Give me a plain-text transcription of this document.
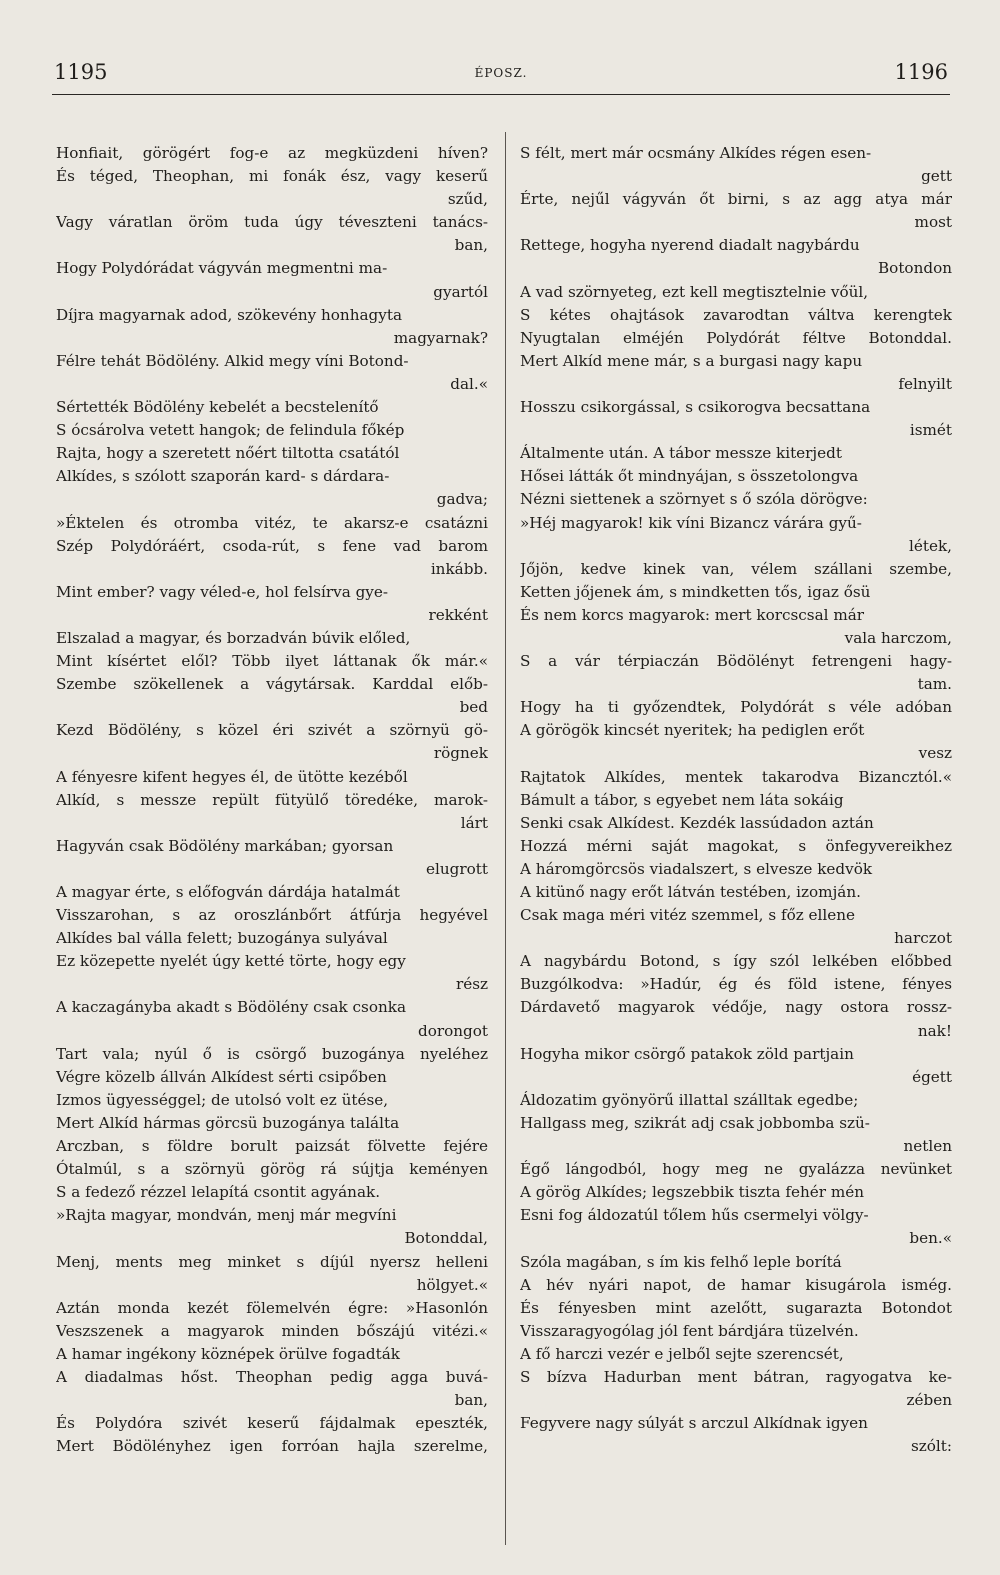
1195	ÉPOSZ.	1196
Honfiait, görögért fog-e az megküzdeni híven?
És téged, Theophan, mi fonák ész, vagy keserű
szűd,
Vagy váratlan öröm tuda úgy téveszteni tanács-
ban,
Hogy Polydórádat vágyván megmentni ma-
gyartól
Díjra magyarnak adod, szökevény honhagyta
magyarnak?
Félre tehát Bödölény. Alkid megy víni Botond-
dal.«
Sértették Bödölény kebelét a becstelenítő
S ócsárolva vetett hangok; de felindula főkép
Rajta, hogy a szeretett nőért tiltotta csatától
Alkídes, s szólott szaporán kard- s dárdara-
gadva;
»Éktelen és otromba vitéz, te akarsz-e csatázni
Szép Polydóráért, csoda-rút, s fene vad barom
inkább.
Mint ember? vagy véled-e, hol felsírva gye-
rekként
Elszalad a magyar, és borzadván búvik előled,
Mint kísértet elől? Több ilyet láttanak ők már.«
Szembe szökellenek a vágytársak. Karddal előb-
bed
Kezd Bödölény, s közel éri szivét a szörnyü gö-
rögnek
A fényesre kifent hegyes él, de ütötte kezéből
Alkíd, s messze repült fütyülő töredéke, marok-
lárt
Hagyván csak Bödölény markában; gyorsan
elugrott
A magyar érte, s előfogván dárdája hatalmát
Visszarohan, s az oroszlánbőrt átfúrja hegyével
Alkídes bal válla felett; buzogánya sulyával
Ez közepette nyelét úgy ketté törte, hogy egy
rész
A kaczagányba akadt s Bödölény csak csonka
dorongot
Tart vala; nyúl ő is csörgő buzogánya nyeléhez
Végre közelb állván Alkídest sérti csipőben
Izmos ügyességgel; de utolsó volt ez ütése,
Mert Alkíd hármas görcsü buzogánya találta
Arczban, s földre borult paizsát fölvette fejére
Ótalmúl, s a szörnyü görög rá sújtja keményen
S a fedező rézzel lelapítá csontit agyának.
»Rajta magyar, mondván, menj már megvíni
Botonddal,
Menj, ments meg minket s díjúl nyersz helleni
hölgyet.«
Aztán monda kezét fölemelvén égre: »Hasonlón
Veszszenek a magyarok minden bőszájú vitézi.«
A hamar ingékony köznépek örülve fogadták
A diadalmas hőst. Theophan pedig agga buvá-
ban,
És Polydóra szivét keserű fájdalmak epeszték,
Mert Bödölényhez igen forróan hajla szerelme,
S félt, mert már ocsmány Alkídes régen esen-
gett
Érte, nejűl vágyván őt birni, s az agg atya már
most
Rettege, hogyha nyerend diadalt nagybárdu
Botondon
A vad szörnyeteg, ezt kell megtisztelnie vőül,
S kétes ohajtások zavarodtan váltva kerengtek
Nyugtalan elméjén Polydórát féltve Botonddal.
Mert Alkíd mene már, s a burgasi nagy kapu
felnyilt
Hosszu csikorgással, s csikorogva becsattana
ismét
Általmente után. A tábor messze kiterjedt
Hősei látták őt mindnyájan, s összetolongva
Nézni siettenek a szörnyet s ő szóla dörögve:
»Héj magyarok! kik víni Bizancz várára gyű-
létek,
Jőjön, kedve kinek van, vélem szállani szembe,
Ketten jőjenek ám, s mindketten tős, igaz ősü
És nem korcs magyarok: mert korcscsal már
vala harczom,
S a vár térpiaczán Bödölényt fetrengeni hagy-
tam.
Hogy ha ti győzendtek, Polydórát s véle adóban
A görögök kincsét nyeritek; ha pediglen erőt
vesz
Rajtatok Alkídes, mentek takarodva Bizancztól.«
Bámult a tábor, s egyebet nem láta sokáig
Senki csak Alkídest. Kezdék lassúdadon aztán
Hozzá mérni saját magokat, s önfegyvereikhez
A háromgörcsös viadalszert, s elvesze kedvök
A kitünő nagy erőt látván testében, izomján.
Csak maga méri vitéz szemmel, s főz ellene
harczot
A nagybárdu Botond, s így szól lelkében előbbed
Buzgólkodva: »Hadúr, ég és föld istene, fényes
Dárdavető magyarok védője, nagy ostora rossz-
nak!
Hogyha mikor csörgő patakok zöld partjain
égett
Áldozatim gyönyörű illattal szálltak egedbe;
Hallgass meg, szikrát adj csak jobbomba szü-
netlen
Égő lángodból, hogy meg ne gyalázza nevünket
A görög Alkídes; legszebbik tiszta fehér mén
Esni fog áldozatúl tőlem hűs csermelyi völgy-
ben.«
Szóla magában, s ím kis felhő leple borítá
A hév nyári napot, de hamar kisugárola ismég.
És fényesben mint azelőtt, sugarazta Botondot
Visszaragyogólag jól fent bárdjára tüzelvén.
A fő harczi vezér e jelből sejte szerencsét,
S bízva Hadurban ment bátran, ragyogatva ke-
zében
Fegyvere nagy súlyát s arczul Alkídnak igyen
szólt:
